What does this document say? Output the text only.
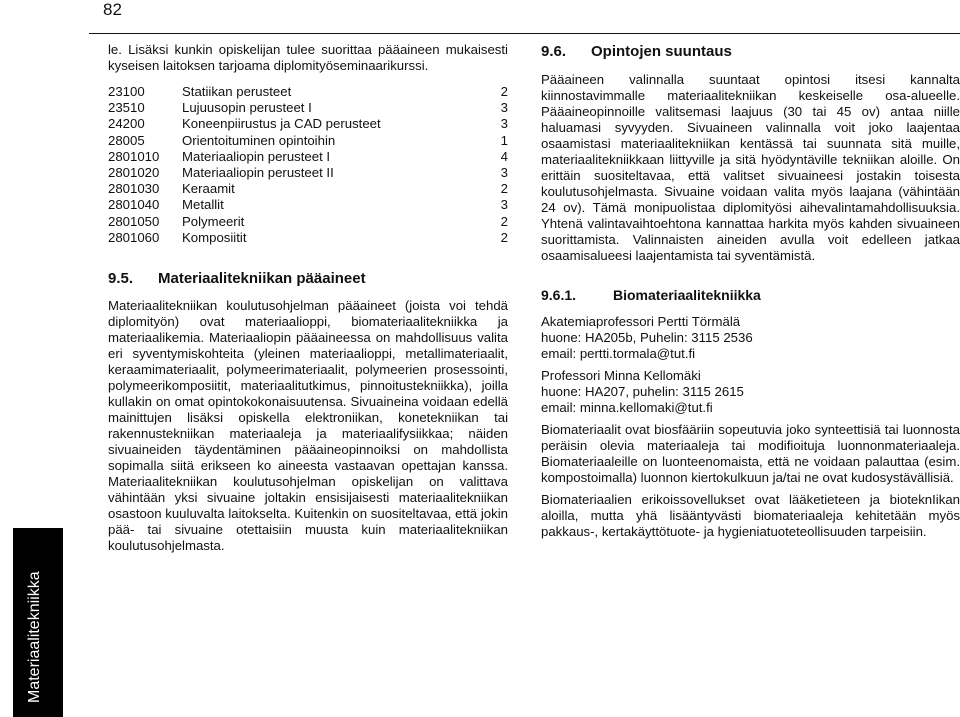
82
Materiaalitekniikka

le. Lisäksi kunkin opiskelijan tulee suorittaa pääaineen mukaisesti kyseisen laitoksen tarjoama diplomityöseminaarikurssi.

23100	Statiikan perusteet	2
23510	Lujuusopin perusteet I	3
24200	Koneenpiirustus ja CAD perusteet	3
28005	Orientoituminen opintoihin	1
2801010	Materiaaliopin perusteet I	4
2801020	Materiaaliopin perusteet II	3
2801030	Keraamit	2
2801040	Metallit	3
2801050	Polymeerit	2
2801060	Komposiitit	2
9.5.	Materiaalitekniikan pääaineet

Materiaalitekniikan koulutusohjelman pääaineet (joista voi tehdä diplomityön) ovat materiaalioppi, biomateriaalitekniikka ja materiaalikemia. Materiaaliopin pääaineessa on mahdollisuus valita eri syventymiskohteita (yleinen materiaalioppi, metallimateriaalit, keraamimateriaalit, polymeerimateriaalit, polymeerien prosessointi, polymeerikomposiitit, materiaalitutkimus, pinnoitustekniikka), joilla kullakin on omat opintokokonaisuutensa. Sivuaineina voidaan edellä mainittujen lisäksi opiskella elektroniikan, konetekniikan tai rakennustekniikan materiaaleja ja materiaalifysiikkaa; näiden sivuaineiden täydentäminen pääaineopinnoiksi on mahdollista sopimalla siitä erikseen ko aineesta vastaavan opettajan kanssa. Materiaalitekniikan koulutusohjelman opiskelijan on valittava vähintään yksi sivuaine joltakin ensisijaisesti materiaalitekniikan osastoon kuuluvalta laitokselta. Kuitenkin on suositeltavaa, että jokin pää- tai sivuaine otettaisiin muusta kuin materiaalitekniikan koulutusohjelmasta.

9.6.	Opintojen suuntaus

Pääaineen valinnalla suuntaat opintosi itsesi kannalta kiinnostavimmalle materiaalitekniikan keskeiselle osa-alueelle. Pääaineopinnoille valitsemasi laajuus (30 tai 45 ov) antaa niille haluamasi syvyyden. Sivuaineen valinnalla voit joko laajentaa osaamistasi materiaalitekniikan kentässä tai suunnata sitä muille, materiaalitekniikkaan liittyville ja sitä hyödyntäville tekniikan aloille. On erittäin suositeltavaa, että valitset sivuaineesi jostakin toisesta koulutusohjelmasta. Sivuaine voidaan valita myös laajana (vähintään 24 ov). Tämä monipuolistaa diplomityösi aihevalintamahdollisuuksia. Yhtenä valintavaihtoehtona kannattaa harkita myös kahden sivuaineen suorittamista. Valinnaisten aineiden avulla voit edelleen jatkaa osaamisalueesi laajentamista tai syventämistä.

9.6.1.	Biomateriaalitekniikka

Akatemiaprofessori Pertti Törmälä

huone: HA205b, Puhelin: 3115 2536

email: pertti.tormala@tut.fi

Professori Minna Kellomäki

huone: HA207, puhelin: 3115 2615

email: minna.kellomaki@tut.fi

Biomateriaalit ovat biosfääriin sopeutuvia joko synteettisiä tai luonnosta peräisin olevia materiaaleja tai modifioituja luonnonmateriaaleja. Biomateriaaleille on luonteenomaista, että ne voidaan palauttaa (esim. kompostoimalla) luonnon kiertokulkuun ja/tai ne ovat kudosystävällisiä.

Biomateriaalien erikoissovellukset ovat lääketieteen ja bioteknIikan aloilla, mutta yhä lisääntyvästi biomateriaaleja kehitetään myös pakkaus-, kertakäyttötuote- ja hygieniatuoteteollisuuden tarpeisiin.
